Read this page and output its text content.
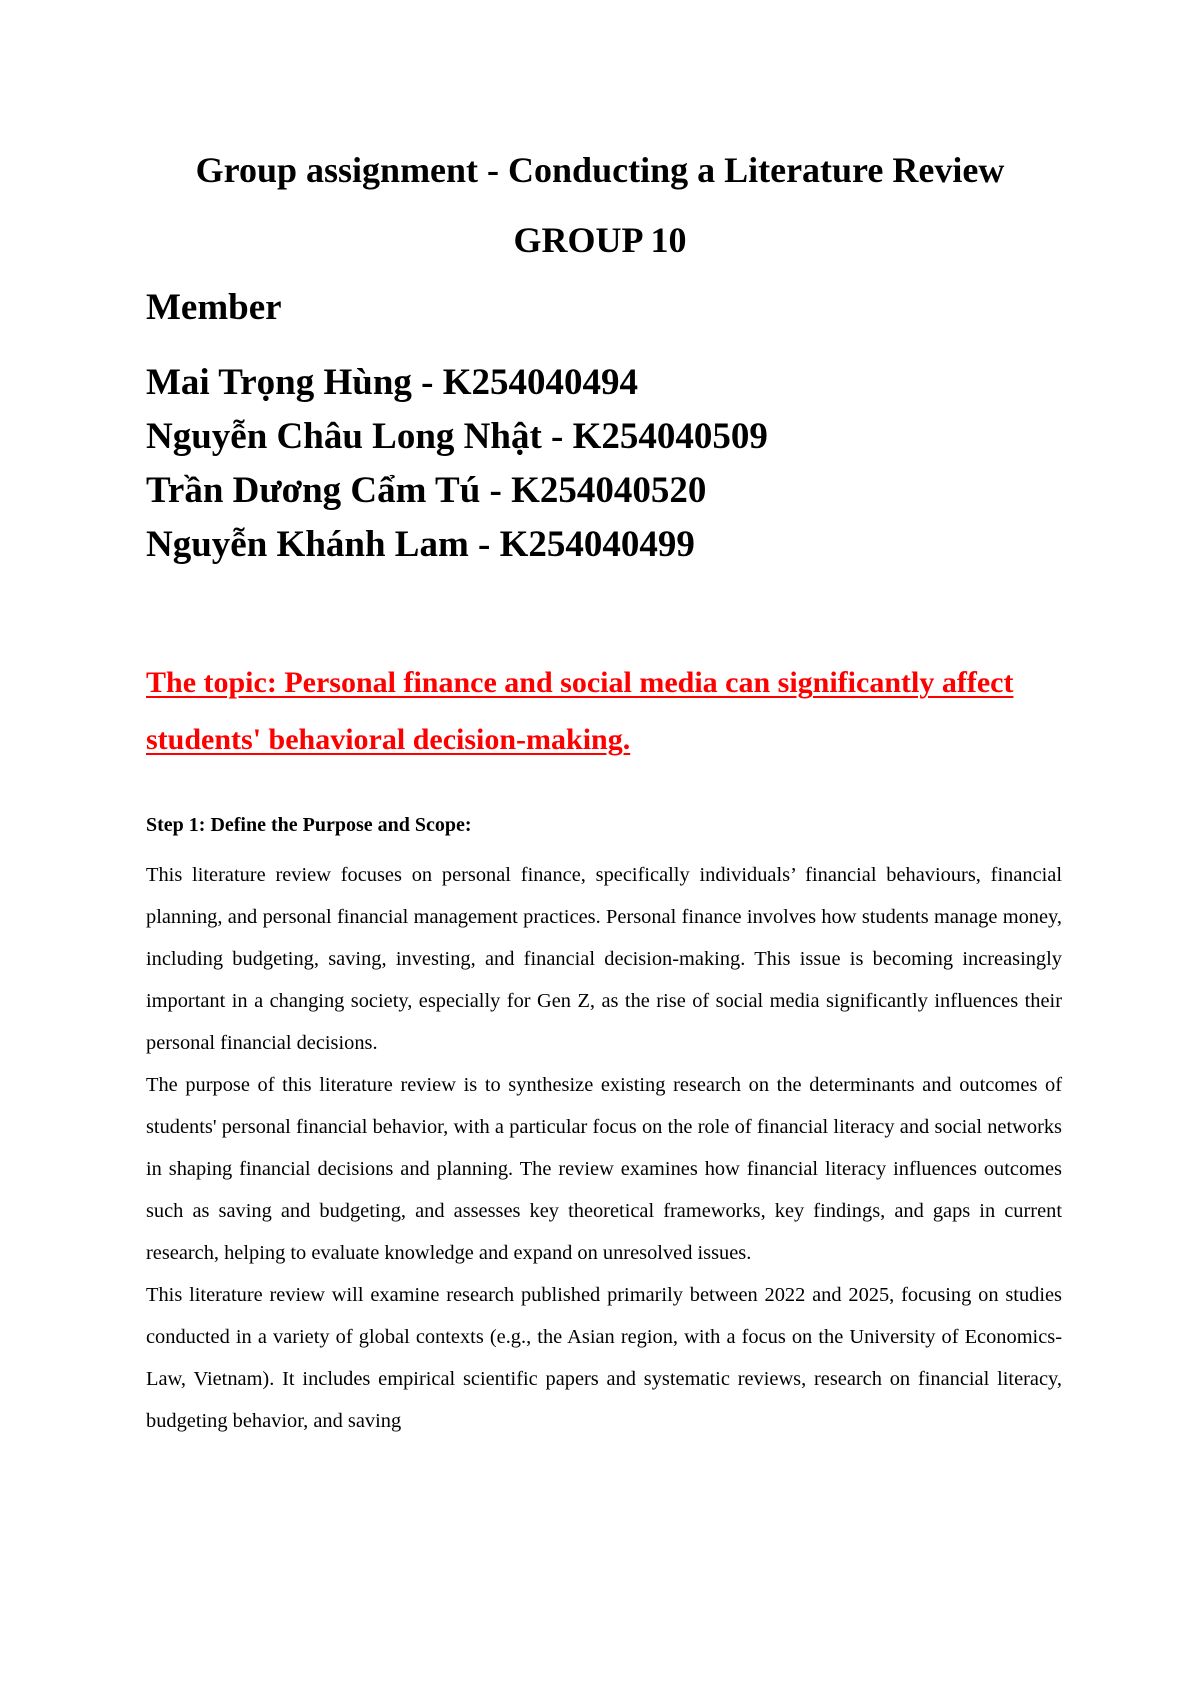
Group assignment - Conducting a Literature Review
GROUP 10
Member
Mai Trọng Hùng - K254040494
Nguyễn Châu Long Nhật - K254040509
Trần Dương Cẩm Tú - K254040520
Nguyễn Khánh Lam - K254040499

The topic: Personal finance and social media can significantly affect students' behavioral decision-making.

Step 1: Define the Purpose and Scope:

This literature review focuses on personal finance, specifically individuals’ financial behaviours, financial planning, and personal financial management practices. Personal finance involves how students manage money, including budgeting, saving, investing, and financial decision-making. This issue is becoming increasingly important in a changing society, especially for Gen Z, as the rise of social media significantly influences their personal financial decisions.

The purpose of this literature review is to synthesize existing research on the determinants and outcomes of students' personal financial behavior, with a particular focus on the role of financial literacy and social networks in shaping financial decisions and planning. The review examines how financial literacy influences outcomes such as saving and budgeting, and assesses key theoretical frameworks, key findings, and gaps in current research, helping to evaluate knowledge and expand on unresolved issues.

This literature review will examine research published primarily between 2022 and 2025, focusing on studies conducted in a variety of global contexts (e.g., the Asian region, with a focus on the University of Economics-Law, Vietnam). It includes empirical scientific papers and systematic reviews, research on financial literacy, budgeting behavior, and saving
